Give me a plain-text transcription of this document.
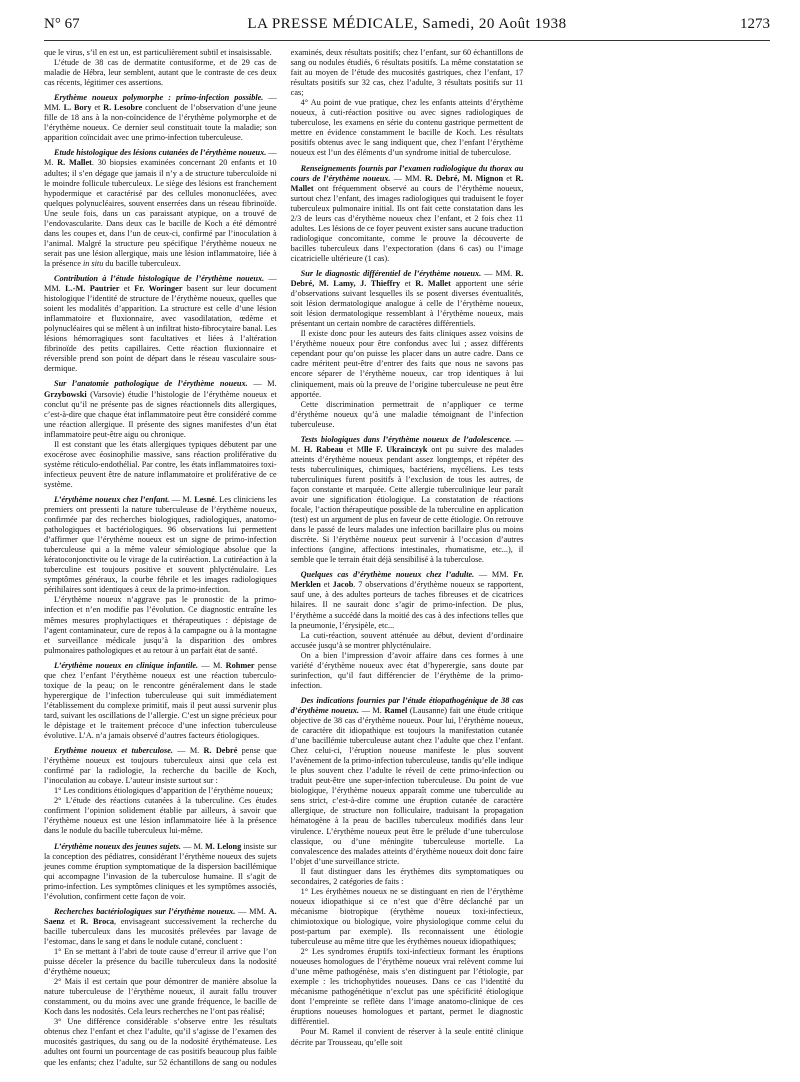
N° 67	LA PRESSE MÉDICALE, Samedi, 20 Août 1938	1273

que le virus, s’il en est un, est particulièrement subtil et insaisissable.

L’étude de 38 cas de dermatite contusiforme, et de 29 cas de maladie de Hébra, leur semblent, autant que le contraste de ces deux cas récents, légitimer ces assertions.

Erythème noueux polymorphe : primo-infection possible. — MM. L. Bory et R. Lesobre concluent de l’observation d’une jeune fille de 18 ans à la non-coïncidence de l’érythème polymorphe et de l’érythème noueux. Ce dernier seul constituait toute la maladie; son apparition coïncidait avec une primo-infection tuberculeuse.

Etude histologique des lésions cutanées de l’érythème noueux. — M. R. Mallet. 30 biopsies examinées concernant 20 enfants et 10 adultes; il s’en dégage que jamais il n’y a de structure tuberculoïde ni le moindre follicule tuberculeux. Le siège des lésions est franchement hypodermique et caractérisé par des cellules mononucléées, avec quelques polynucléaires, souvent enserrées dans un réseau fibrinoïde. Une seule fois, dans un cas paraissant atypique, on a trouvé de l’endovascularite. Dans deux cas le bacille de Koch a été démontré dans les coupes et, dans l’un de ceux-ci, confirmé par l’inoculation à l’animal. Malgré la structure peu spécifique l’érythème noueux ne serait pas une lésion allergique, mais une lésion inflammatoire, liée à la présence in situ du bacille tuberculeux.

Contribution à l’étude histologique de l’érythème noueux. — MM. L.-M. Pautrier et Fr. Woringer basent sur leur document histologique l’identité de structure de l’érythème noueux, quelles que soient les modalités d’apparition. La structure est celle d’une lésion inflammatoire et fluxionnaire, avec vasodilatation, œdème et polynucléaires qui se mêlent à un infiltrat histo-fibrocytaire banal. Les lésions hémorragiques sont facultatives et liées à l’altération fibrinoïde des petits capillaires. Cette réaction fluxionnaire et réversible prend son point de départ dans le réseau vasculaire sous-dermique.

Sur l’anatomie pathologique de l’érythème noueux. — M. Grzybowski (Varsovie) étudie l’histologie de l’érythème noueux et conclut qu’il ne présente pas de signes réactionnels dits allergiques, c’est-à-dire que chaque état inflammatoire peut être considéré comme une réaction allergique. Il présente des signes manifestes d’un état inflammatoire peut-être aigu ou chronique.

Il est constant que les états allergiques typiques débutent par une exocérose avec éosinophilie massive, sans réaction proliférative du système réticulo-endothélial. Par contre, les états inflammatoires toxi-infectieux peuvent être de nature inflammatoire et proliférative de ce système.

L’érythème noueux chez l’enfant. — M. Lesné. Les cliniciens les premiers ont pressenti la nature tuberculeuse de l’érythème noueux, confirmée par des recherches biologiques, radiologiques, anatomo-pathologiques et bactériologiques. 96 observations lui permettent d’affirmer que l’érythème noueux est un signe de primo-infection tuberculeuse qui a la même valeur sémiologique absolue que la kératoconjonctivite ou le virage de la cutiréaction. La cutiréaction à la tuberculine est toujours positive et souvent phlycténulaire. Les symptômes généraux, la courbe fébrile et les images radiologiques périhilaires sont identiques à ceux de la primo-infection.

L’érythème noueux n’aggrave pas le pronostic de la primo-infection et n’en modifie pas l’évolution. Ce diagnostic entraîne les mêmes mesures prophylactiques et thérapeutiques : dépistage de l’agent contaminateur, cure de repos à la campagne ou à la montagne et surveillance médicale jusqu’à la disparition des ombres pulmonaires pathologiques et au retour à un parfait état de santé.

L’érythème noueux en clinique infantile. — M. Rohmer pense que chez l’enfant l’érythème noueux est une réaction tuberculo-toxique de la peau; on le rencontre généralement dans le stade hyperergique de l’infection tuberculeuse qui suit immédiatement l’établissement du complexe primitif, mais il peut aussi survenir plus tard, suivant les oscillations de l’allergie. C’est un signe précieux pour le dépistage et le traitement précoce d’une infection tuberculeuse évolutive. L’A. n’a jamais observé d’autres facteurs étiologiques.

Erythème noueux et tuberculose. — M. R. Debré pense que l’érythème noueux est toujours tuberculeux ainsi que cela est confirmé par la radiologie, la recherche du bacille de Koch, l’inoculation au cobaye. L’auteur insiste surtout sur :

1° Les conditions étiologiques d’apparition de l’érythème noueux;

2° L’étude des réactions cutanées à la tuberculine. Ces études confirment l’opinion solidement établie par ailleurs, à savoir que l’érythème noueux est une lésion inflammatoire liée à la présence dans le nodule du bacille tuberculeux lui-même.

L’érythème noueux des jeunes sujets. — M. M. Lelong insiste sur la conception des pédiatres, considérant l’érythème noueux des sujets jeunes comme éruption symptomatique de la dispersion bacillémique qui accompagne l’invasion de la tuberculose humaine. Il s’agit de primo-infection. Les symptômes cliniques et les symptômes associés, l’évolution, confirment cette façon de voir.

Recherches bactériologiques sur l’érythème noueux. — MM. A. Saenz et R. Broca, envisageant successivement la recherche du bacille tuberculeux dans les mucosités prélevées par lavage de l’estomac, dans le sang et dans le nodule cutané, concluent :

1° En se mettant à l’abri de toute cause d’erreur il arrive que l’on puisse déceler la présence du bacille tuberculeux dans la nodosité d’érythème noueux;

2° Mais il est certain que pour démontrer de manière absolue la nature tuberculeuse de l’érythème noueux, il aurait fallu trouver constamment, ou du moins avec une grande fréquence, le bacille de Koch dans les nodosités. Cela leurs recherches ne l’ont pas réalisé;

3° Une différence considérable s’observe entre les résultats obtenus chez l’enfant et chez l’adulte, qu’il s’agisse de l’examen des mucosités gastriques, du sang ou de la nodosité érythémateuse. Les adultes ont fourni un pourcentage de cas positifs beaucoup plus faible que les enfants; chez l’adulte, sur 52 échantillons de sang ou nodules examinés, deux résultats positifs; chez l’enfant, sur 60 échantillons de sang ou nodules étudiés, 6 résultats positifs. La même constatation se fait au moyen de l’étude des mucosités gastriques, chez l’enfant, 17 résultats positifs sur 32 cas, chez l’adulte, 3 résultats positifs sur 11 cas;

4° Au point de vue pratique, chez les enfants atteints d’érythème noueux, à cuti-réaction positive ou avec signes radiologiques de tuberculose, les examens en série du contenu gastrique permettent de mettre en évidence constamment le bacille de Koch. Les résultats positifs obtenus avec le sang indiquent que, chez l’enfant l’érythème noueux est l’un des éléments d’un syndrome initial de tuberculose.

Renseignements fournis par l’examen radiologique du thorax au cours de l’érythème noueux. — MM. R. Debré, M. Mignon et R. Mallet ont fréquemment observé au cours de l’érythème noueux, surtout chez l’enfant, des images radiologiques qui traduisent le foyer tuberculeux pulmonaire initial. Ils ont fait cette constatation dans les 2/3 de leurs cas d’érythème noueux chez l’enfant, et 2 fois chez 11 adultes. Les lésions de ce foyer peuvent exister sans aucune traduction radiologique concomitante, comme le prouve la découverte de bacilles tuberculeux dans l’expectoration (dans 6 cas) ou l’image cicatricielle ultérieure (1 cas).

Sur le diagnostic différentiel de l’érythème noueux. — MM. R. Debré, M. Lamy, J. Thieffry et R. Mallet apportent une série d’observations suivant lesquelles ils se posent diverses éventualités, soit lésion dermatologique analogue à celle de l’érythème noueux, soit lésion dermatologique ressemblant à l’érythème noueux, mais présentant un certain nombre de caractères différentiels.

Il existe donc pour les auteurs des faits cliniques assez voisins de l’érythème noueux pour être confondus avec lui ; assez différents cependant pour qu’on puisse les placer dans un autre cadre. Dans ce cadre méritent peut-être d’entrer des faits que nous ne savons pas encore séparer de l’érythème noueux, car trop identiques à lui cliniquement, mais où la preuve de l’origine tuberculeuse ne peut être apportée.

Cette discrimination permettrait de n’appliquer ce terme d’érythème noueux qu’à une maladie témoignant de l’infection tuberculeuse.

Tests biologiques dans l’érythème noueux de l’adolescence. — M. H. Rabeau et Mlle F. Ukrainczyk ont pu suivre des malades atteints d’érythème noueux pendant assez longtemps, et répéter des tests tuberculiniques, chimiques, bactériens, mycéliens. Les tests tuberculiniques furent positifs à l’exclusion de tous les autres, de façon constante et marquée. Cette allergie tuberculinique leur paraît avoir une signification étiologique. La constatation de réactions focale, l’action thérapeutique possible de la tuberculine en application (test) est un argument de plus en faveur de cette étiologie. On retrouve dans le passé de leurs malades une infection bacillaire plus ou moins discrète. Si l’érythème noueux peut survenir à l’occasion d’autres infections (angine, affections intestinales, rhumatisme, etc...), il semble que le terrain était déjà sensibilisé à la tuberculose.

Quelques cas d’érythème noueux chez l’adulte. — MM. Fr. Merklen et Jacob. 7 observations d’érythème noueux se rapportent, sauf une, à des adultes porteurs de taches fibreuses et de cicatrices hilaires. Il ne saurait donc s’agir de primo-infection. De plus, l’érythème a succédé dans la moitié des cas à des infections telles que la pneumonie, l’érysipèle, etc...

La cuti-réaction, souvent atténuée au début, devient d’ordinaire accusée jusqu’à se montrer phlycténulaire.

On a bien l’impression d’avoir affaire dans ces formes à une variété d’érythème noueux avec état d’hyperergie, sans doute par surinfection, qu’il faut différencier de l’érythème de la primo-infection.

Des indications fournies par l’étude étiopathogénique de 38 cas d’érythème noueux. — M. Ramel (Lausanne) fait une étude critique objective de 38 cas d’érythème noueux. Pour lui, l’érythème noueux, de caractère dit idiopathique est toujours la manifestation cutanée d’une bacillémie tuberculeuse autant chez l’adulte que chez l’enfant. Chez celui-ci, l’éruption noueuse manifeste le plus souvent l’avènement de la primo-infection tuberculeuse, tandis qu’elle indique le plus souvent chez l’adulte le réveil de cette primo-infection ou traduit peut-être une super-infection tuberculeuse. Du point de vue biologique, l’érythème noueux apparaît comme une tuberculide au sens strict, c’est-à-dire comme une éruption cutanée de caractère allergique, de structure non folliculaire, traduisant la propagation hématogène à la peau de bacilles tuberculeux modifiés dans leur virulence. L’érythème noueux peut être le prélude d’une tuberculose classique, ou d’une méningite tuberculeuse mortelle. La convalescence des malades atteints d’érythème noueux doit donc faire l’objet d’une surveillance stricte.

Il faut distinguer dans les érythèmes dits symptomatiques ou secondaires, 2 catégories de faits :

1° Les érythèmes noueux ne se distinguant en rien de l’érythème noueux idiopathique si ce n’est que d’être déclanché par un mécanisme biotropique (érythème noueux toxi-infectieux, chimiotoxique ou biologique, voire physiologique comme celui du post-partum par exemple). Ils reconnaissent une étiologie tuberculeuse au même titre que les érythèmes noueux idiopathiques;

2° Les syndromes éruptifs toxi-infectieux formant les éruptions noueuses homologues de l’érythème noueux vrai relèvent comme lui d’une même pathogénèse, mais s’en distinguent par l’étiologie, par exemple : les trichophytides noueuses. Dans ce cas l’identité du mécanisme pathogénétique n’exclut pas une spécificité étiologique dont l’empreinte se reflète dans l’image anatomo-clinique de ces éruptions noueuses homologues et partant, permet le diagnostic différentiel.

Pour M. Ramel il convient de réserver à la seule entité clinique décrite par Trousseau, qu’elle soit
